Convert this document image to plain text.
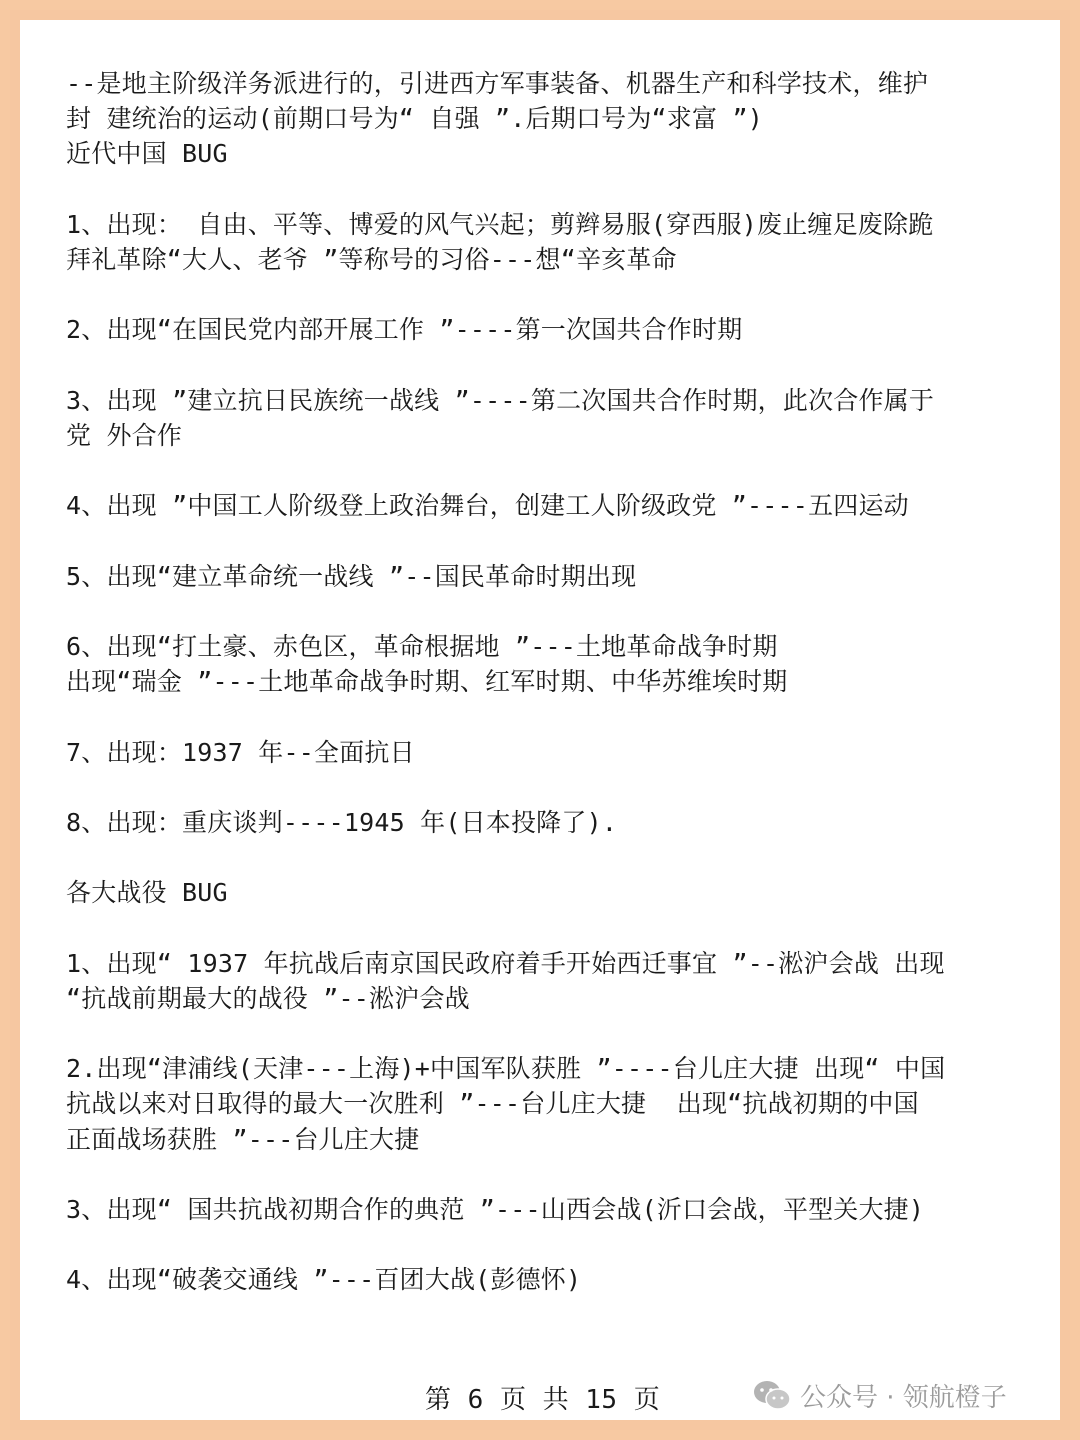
--是地主阶级洋务派进行的，引进西方军事装备、机器生产和科学技术，维护
封 建统治的运动(前期口号为“ 自强 ”.后期口号为“求富 ”)
近代中国 BUG
1、出现： 自由、平等、博爱的风气兴起；剪辫易服(穿西服)废止缠足废除跪
拜礼革除“大人、老爷 ”等称号的习俗---想“辛亥革命
2、出现“在国民党内部开展工作 ”----第一次国共合作时期
3、出现 ”建立抗日民族统一战线 ”----第二次国共合作时期，此次合作属于
党 外合作
4、出现 ”中国工人阶级登上政治舞台，创建工人阶级政党 ”----五四运动
5、出现“建立革命统一战线 ”--国民革命时期出现
6、出现“打土豪、赤色区，革命根据地 ”---土地革命战争时期
出现“瑞金 ”---土地革命战争时期、红军时期、中华苏维埃时期
7、出现：1937 年--全面抗日
8、出现：重庆谈判----1945 年(日本投降了).
各大战役 BUG
1、出现“ 1937 年抗战后南京国民政府着手开始西迁事宜 ”--淞沪会战 出现
“抗战前期最大的战役 ”--淞沪会战
2.出现“津浦线(天津---上海)+中国军队获胜 ”----台儿庄大捷 出现“ 中国
抗战以来对日取得的最大一次胜利 ”---台儿庄大捷  出现“抗战初期的中国
正面战场获胜 ”---台儿庄大捷
3、出现“ 国共抗战初期合作的典范 ”---山西会战(沂口会战，平型关大捷)
4、出现“破袭交通线 ”---百团大战(彭德怀)
第 6 页 共 15 页	公众号 · 领航橙子
